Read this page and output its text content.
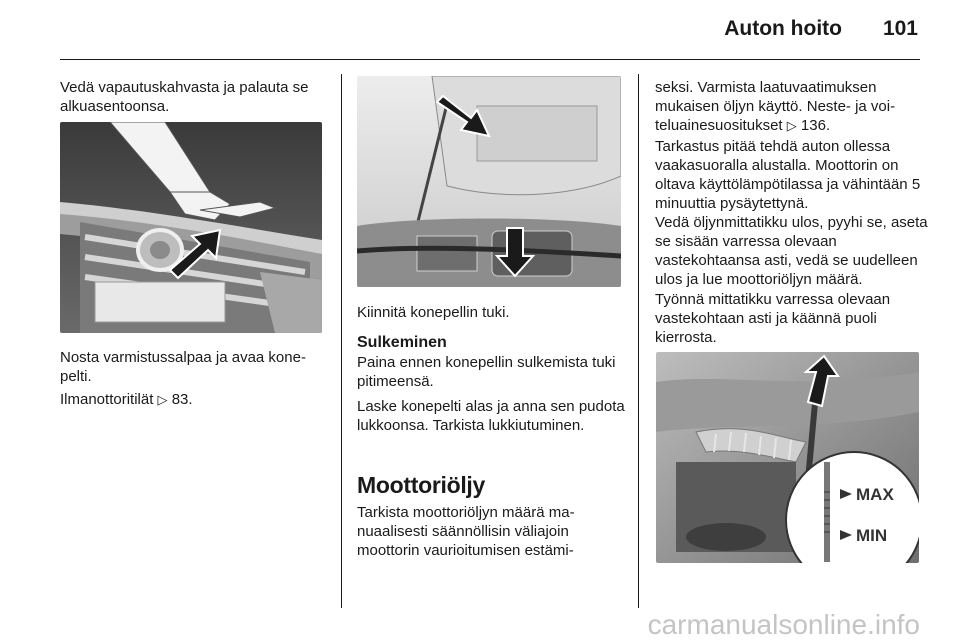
Auton hoito 101

Vedä vapautuskahvasta ja palauta se alkuasentoonsa.

Nosta varmistussalpaa ja avaa konepelti.

Ilmanottoritilät ▷ 83.

Kiinnitä konepellin tuki.

Sulkeminen

Paina ennen konepellin sulkemista tuki pitimeensä.

Laske konepelti alas ja anna sen pudota lukkoonsa. Tarkista lukkiutuminen.

Moottoriöljy

Tarkista moottoriöljyn määrä manuaalisesti säännöllisin väliajoin moottorin vaurioitumisen estämi-

seksi. Varmista laatuvaatimuksen mukaisen öljyn käyttö. Neste- ja voiteluainesuositukset ▷ 136.

Tarkastus pitää tehdä auton ollessa vaakasuoralla alustalla. Moottorin on oltava käyttölämpötilassa ja vähintään 5 minuuttia pysäytettynä.

Vedä öljynmittatikku ulos, pyyhi se, aseta se sisään varressa olevaan vastekohtaansa asti, vedä se uudelleen ulos ja lue moottoriöljyn määrä.

Työnnä mittatikku varressa olevaan vastekohtaan asti ja käännä puoli kierrosta.

MAX
MIN
carmanualsonline.info
